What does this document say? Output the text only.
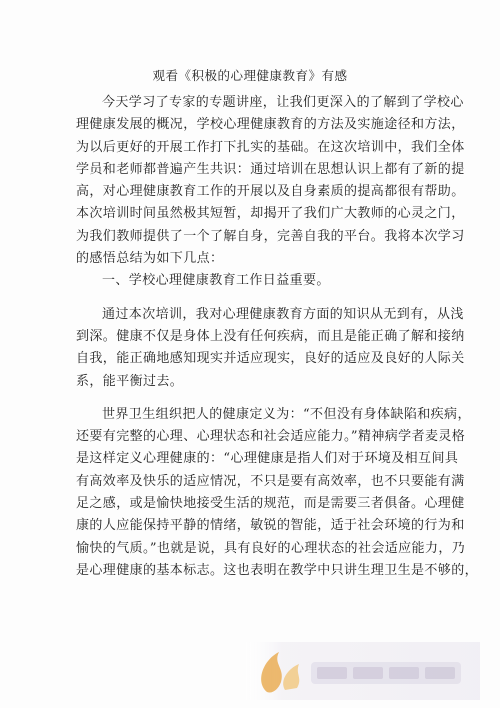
观看《积极的心理健康教育》有感
今天学习了专家的专题讲座，让我们更深入的了解到了学校心
理健康发展的概况，学校心理健康教育的方法及实施途径和方法，
为以后更好的开展工作打下扎实的基础。在这次培训中，我们全体
学员和老师都普遍产生共识：通过培训在思想认识上都有了新的提
高，对心理健康教育工作的开展以及自身素质的提高都很有帮助。
本次培训时间虽然极其短暂，却揭开了我们广大教师的心灵之门，
为我们教师提供了一个了解自身，完善自我的平台。我将本次学习
的感悟总结为如下几点：
一、学校心理健康教育工作日益重要。
通过本次培训，我对心理健康教育方面的知识从无到有，从浅
到深。健康不仅是身体上没有任何疾病，而且是能正确了解和接纳
自我，能正确地感知现实并适应现实，良好的适应及良好的人际关
系，能平衡过去。
世界卫生组织把人的健康定义为：“不但没有身体缺陷和疾病，
还要有完整的心理、心理状态和社会适应能力。”精神病学者麦灵格
是这样定义心理健康的：“心理健康是指人们对于环境及相互间具
有高效率及快乐的适应情况，不只是要有高效率，也不只要能有满
足之感，或是愉快地接受生活的规范，而是需要三者俱备。心理健
康的人应能保持平静的情绪，敏锐的智能，适于社会环境的行为和
愉快的气质。”也就是说，具有良好的心理状态的社会适应能力，乃
是心理健康的基本标志。这也表明在教学中只讲生理卫生是不够的，
